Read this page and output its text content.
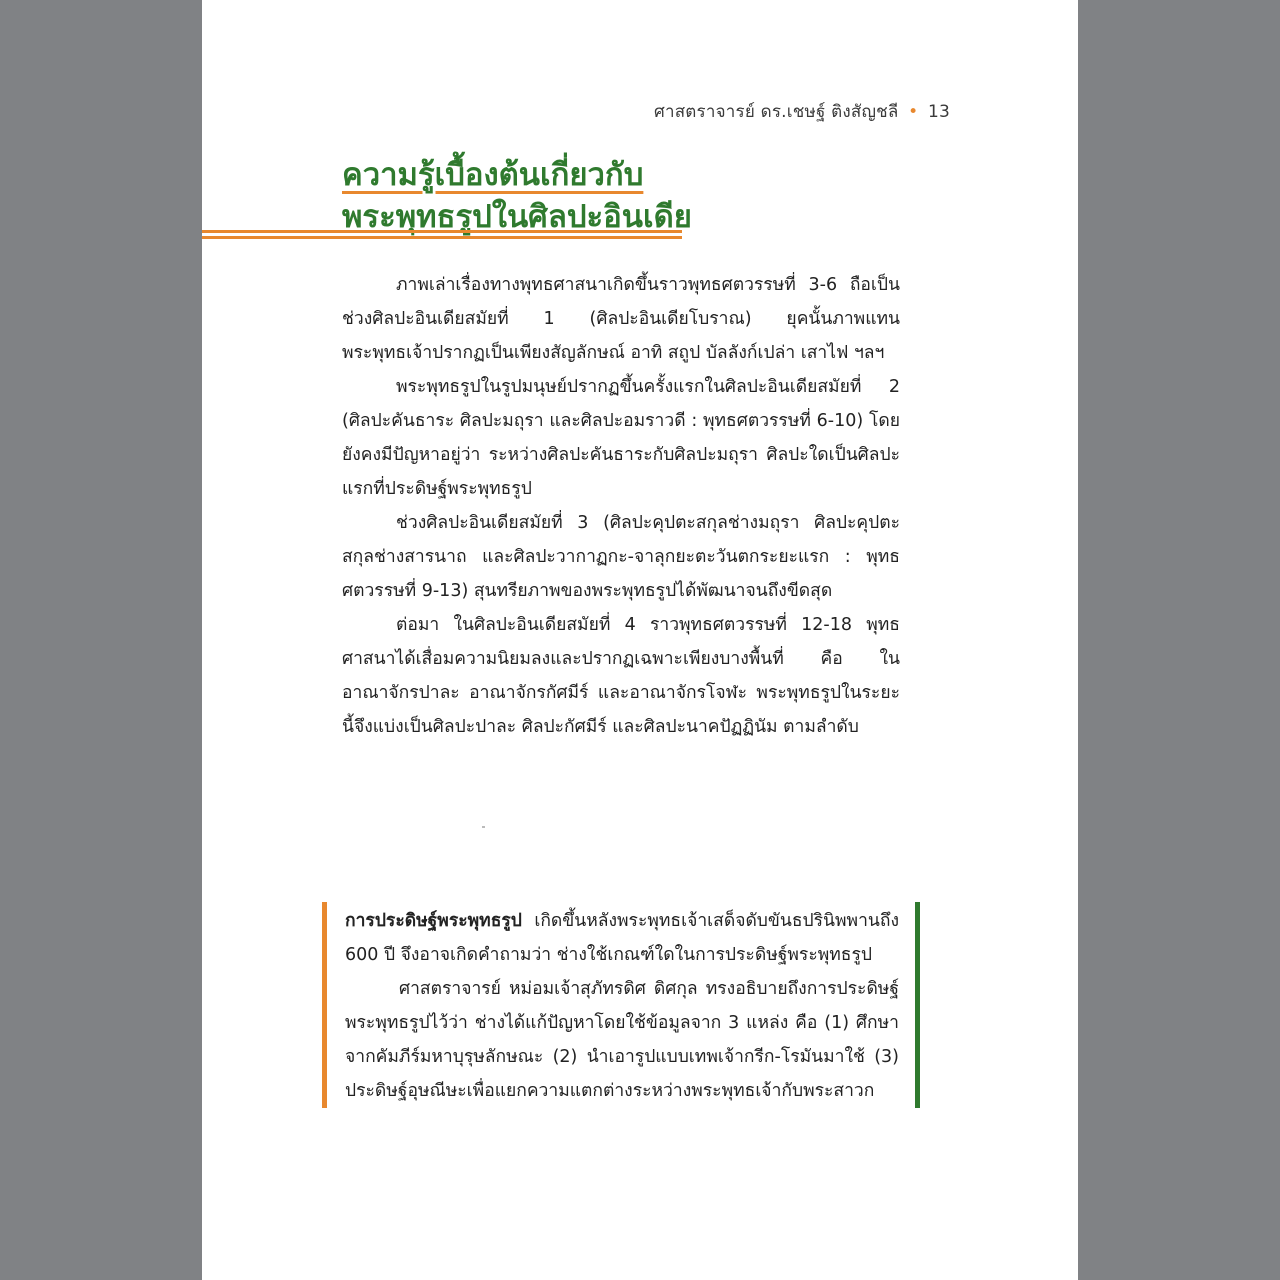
ศาสตราจารย์ ดร.เชษฐ์ ติงสัญชลี • 13
ความรู้เบื้องต้นเกี่ยวกับ
พระพุทธรูปในศิลปะอินเดีย

ภาพเล่าเรื่องทางพุทธศาสนาเกิดขึ้นราวพุทธศตวรรษที่ 3-6 ถือเป็นช่วงศิลปะอินเดียสมัยที่ 1 (ศิลปะอินเดียโบราณ) ยุคนั้นภาพแทนพระพุทธเจ้าปรากฏเป็นเพียงสัญลักษณ์ อาทิ สถูป บัลลังก์เปล่า เสาไฟ ฯลฯ

พระพุทธรูปในรูปมนุษย์ปรากฏขึ้นครั้งแรกในศิลปะอินเดียสมัยที่ 2 (ศิลปะคันธาระ ศิลปะมถุรา และศิลปะอมราวดี : พุทธศตวรรษที่ 6-10) โดยยังคงมีปัญหาอยู่ว่า ระหว่างศิลปะคันธาระกับศิลปะมถุรา ศิลปะใดเป็นศิลปะแรกที่ประดิษฐ์พระพุทธรูป

ช่วงศิลปะอินเดียสมัยที่ 3 (ศิลปะคุปตะสกุลช่างมถุรา ศิลปะคุปตะสกุลช่างสารนาถ และศิลปะวากาฏกะ-จาลุกยะตะวันตกระยะแรก : พุทธศตวรรษที่ 9-13) สุนทรียภาพของพระพุทธรูปได้พัฒนาจนถึงขีดสุด

ต่อมา ในศิลปะอินเดียสมัยที่ 4 ราวพุทธศตวรรษที่ 12-18 พุทธศาสนาได้เสื่อมความนิยมลงและปรากฏเฉพาะเพียงบางพื้นที่ คือ ในอาณาจักรปาละ อาณาจักรกัศมีร์ และอาณาจักรโจฬะ พระพุทธรูปในระยะนี้จึงแบ่งเป็นศิลปะปาละ ศิลปะกัศมีร์ และศิลปะนาคปัฏฏินัม ตามลำดับ

การประดิษฐ์พระพุทธรูป เกิดขึ้นหลังพระพุทธเจ้าเสด็จดับขันธปรินิพพานถึง 600 ปี จึงอาจเกิดคำถามว่า ช่างใช้เกณฑ์ใดในการประดิษฐ์พระพุทธรูป

ศาสตราจารย์ หม่อมเจ้าสุภัทรดิศ ดิศกุล ทรงอธิบายถึงการประดิษฐ์พระพุทธรูปไว้ว่า ช่างได้แก้ปัญหาโดยใช้ข้อมูลจาก 3 แหล่ง คือ (1) ศึกษาจากคัมภีร์มหาบุรุษลักษณะ (2) นำเอารูปแบบเทพเจ้ากรีก-โรมันมาใช้ (3) ประดิษฐ์อุษณีษะเพื่อแยกความแตกต่างระหว่างพระพุทธเจ้ากับพระสาวก
